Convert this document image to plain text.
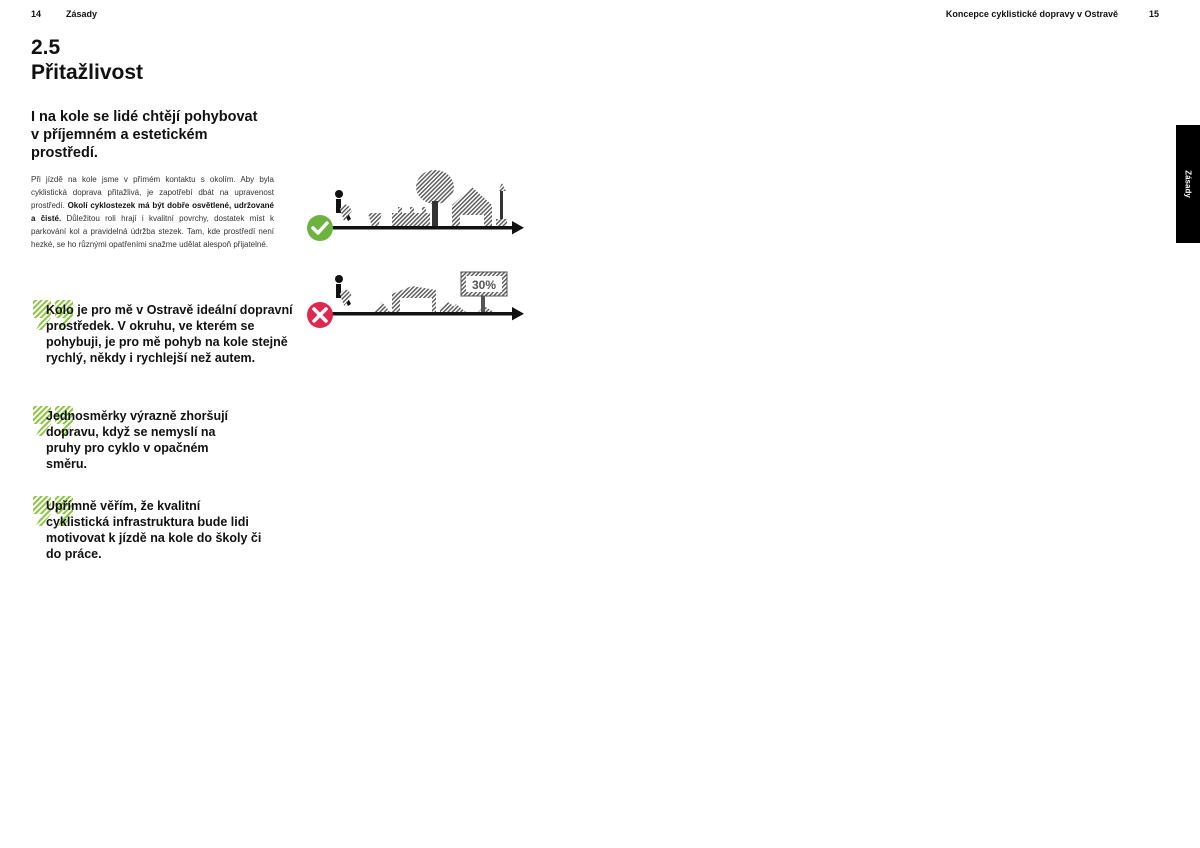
14	Zásady	Koncepce cyklistické dopravy v Ostravě	15
2.5
Přitažlivost
I na kole se lidé chtějí pohybovat v příjemném a estetickém prostředí.
Při jízdě na kole jsme v přímém kontaktu s okolím. Aby byla cyklistická doprava přitažlivá, je zapotřebí dbát na upravenost prostředí. Okolí cyklostezek má být dobře osvětlené, udržované a čisté. Důležitou roli hrají i kvalitní povrchy, dostatek míst k parkování kol a pravidelná údržba stezek. Tam, kde prostředí není hezké, se ho různými opatřeními snažme udělat alespoň přijatelné.
Kolo je pro mě v Ostravě ideální dopravní prostředek. V okruhu, ve kterém se pohybuji, je pro mě pohyb na kole stejně rychlý, někdy i rychlejší než autem.
Jednosměrky výrazně zhoršují dopravu, když se nemyslí na pruhy pro cyklo v opačném směru.
Upřímně věřím, že kvalitní cyklistická infrastruktura bude lidi motivovat k jízdě na kole do školy či do práce.
30%
Zásady
